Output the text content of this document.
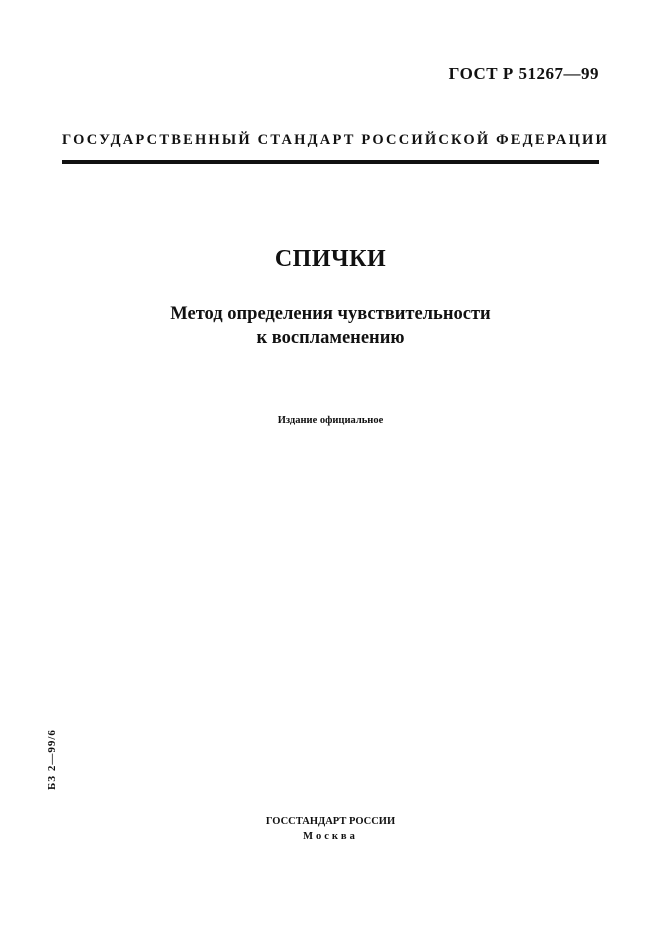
ГОСТ Р 51267—99
ГОСУДАРСТВЕННЫЙ СТАНДАРТ РОССИЙСКОЙ ФЕДЕРАЦИИ
СПИЧКИ
Метод определения чувствительности
к воспламенению
Издание официальное
БЗ 2—99/6
ГОССТАНДАРТ РОССИИ
Москва
